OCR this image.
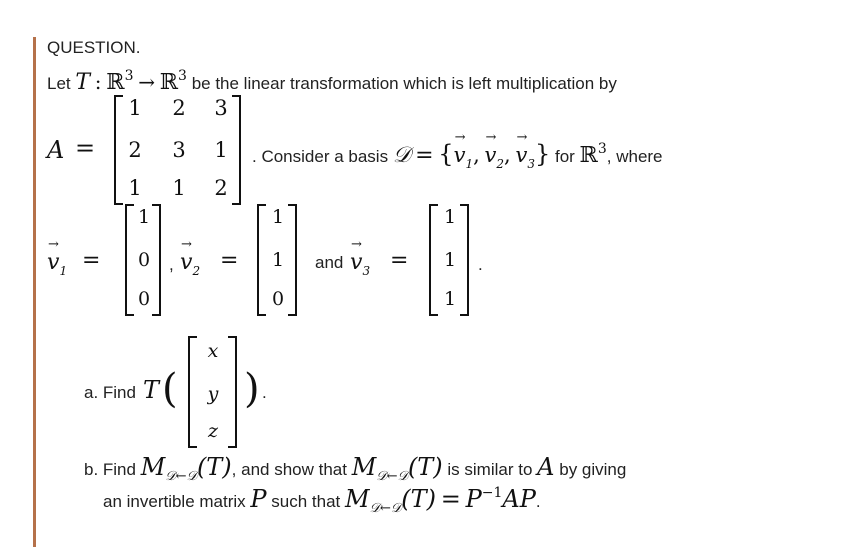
QUESTION.
Let T : ℝ$^3$ → ℝ$^3$ be the linear transformation which is left multiplication by
A =
1	2	3
2	3	1
1	1	2
. Consider a basis 𝒟 = {→ $v_1$, → $v_2$, → $v_3$} for ℝ$^3$, where
→ $v_1$ =
1
0
0
, → $v_2$ =
1
1
0
and → $v_3$ =
1
1
1
.
a. Find T (
x
y
z
) .
b. Find $M_{𝒟\leftarrow 𝒟}(T)$, and show that $M_{𝒟\leftarrow 𝒟}(T)$ is similar to A by giving
an invertible matrix P such that $M_{𝒟\leftarrow 𝒟}(T) = P^{-1}AP$.
